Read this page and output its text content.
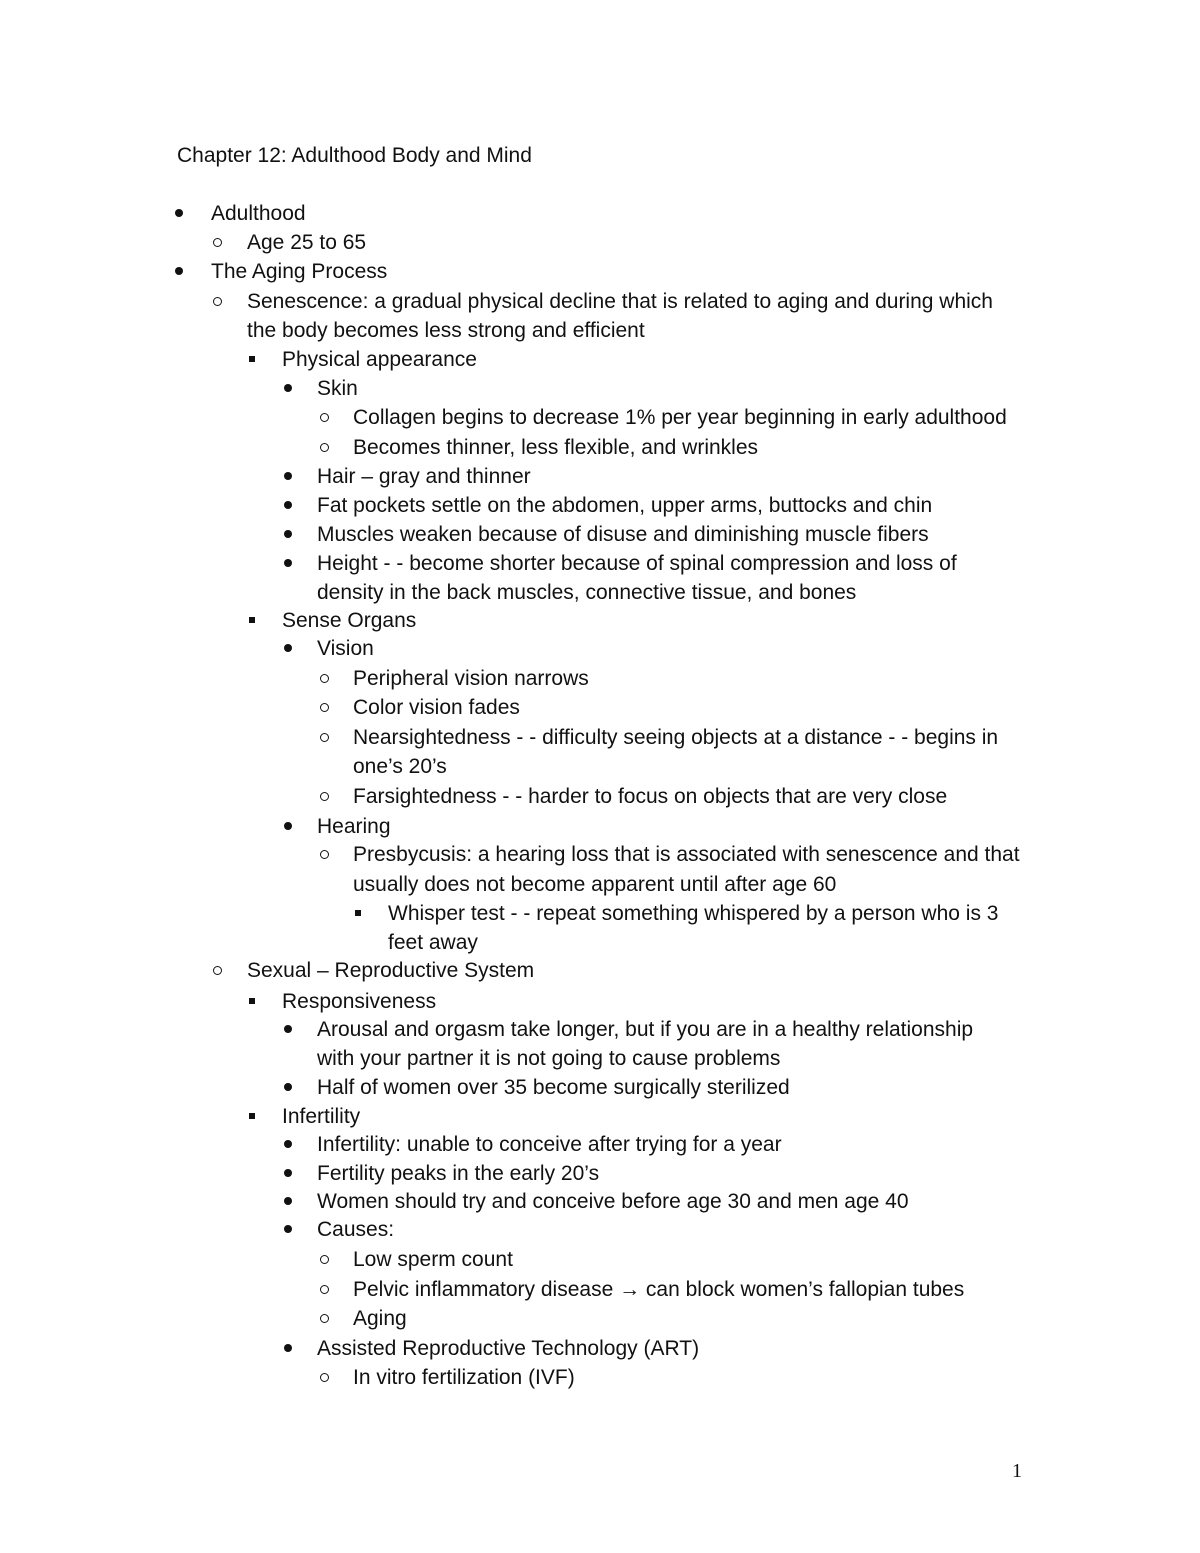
Chapter 12: Adulthood Body and Mind
Adulthood
Age 25 to 65
The Aging Process
Senescence: a gradual physical decline that is related to aging and during which
the body becomes less strong and efficient
Physical appearance
Skin
Collagen begins to decrease 1% per year beginning in early adulthood
Becomes thinner, less flexible, and wrinkles
Hair – gray and thinner
Fat pockets settle on the abdomen, upper arms, buttocks and chin
Muscles weaken because of disuse and diminishing muscle fibers
Height - - become shorter because of spinal compression and loss of
density in the back muscles, connective tissue, and bones
Sense Organs
Vision
Peripheral vision narrows
Color vision fades
Nearsightedness - - difficulty seeing objects at a distance - - begins in
one’s 20’s
Farsightedness - - harder to focus on objects that are very close
Hearing
Presbycusis: a hearing loss that is associated with senescence and that
usually does not become apparent until after age 60
Whisper test - - repeat something whispered by a person who is 3
feet away
Sexual – Reproductive System
Responsiveness
Arousal and orgasm take longer, but if you are in a healthy relationship
with your partner it is not going to cause problems
Half of women over 35 become surgically sterilized
Infertility
Infertility: unable to conceive after trying for a year
Fertility peaks in the early 20’s
Women should try and conceive before age 30 and men age 40
Causes:
Low sperm count
Pelvic inflammatory disease → can block women’s fallopian tubes
Aging
Assisted Reproductive Technology (ART)
In vitro fertilization (IVF)
1
